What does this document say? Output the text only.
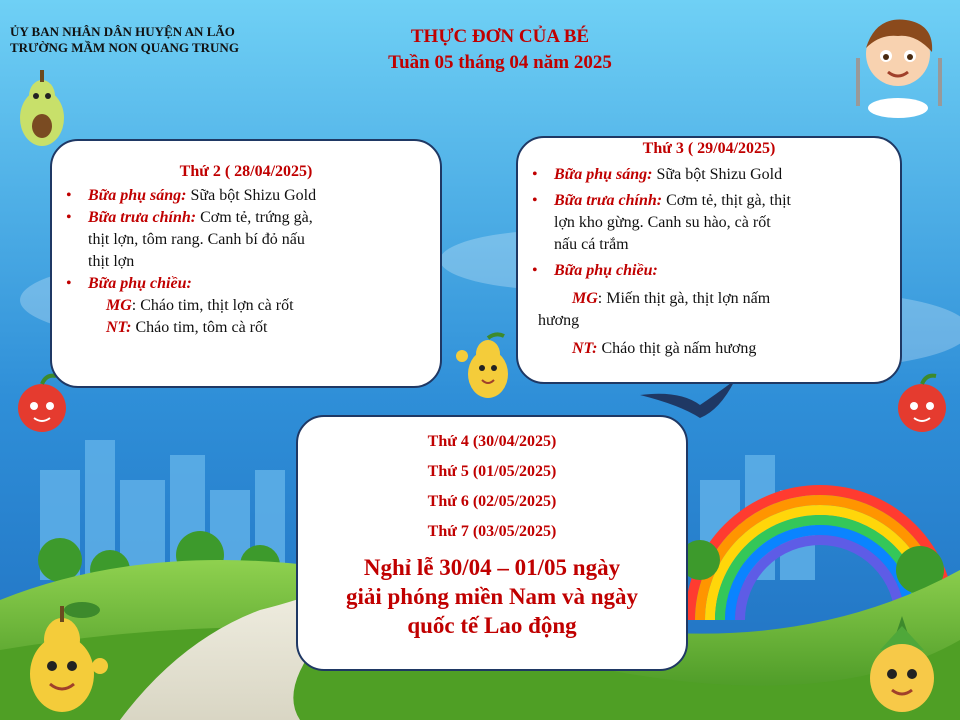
ỦY BAN NHÂN DÂN HUYỆN AN LÃO
TRƯỜNG MẦM NON QUANG TRUNG
THỰC ĐƠN CỦA BÉ
Tuần 05 tháng 04 năm 2025
Thứ 2 ( 28/04/2025)
• Bữa phụ sáng: Sữa bột Shizu Gold
• Bữa trưa chính: Cơm tẻ, trứng gà,
thịt lợn, tôm rang. Canh bí đỏ nấu
thịt lợn
• Bữa phụ chiều:
MG: Cháo tim, thịt lợn cà rốt
NT: Cháo tim, tôm cà rốt
Thứ 3 ( 29/04/2025)
• Bữa phụ sáng: Sữa bột Shizu Gold
• Bữa trưa chính: Cơm tẻ, thịt gà, thịt
lợn kho gừng. Canh su hào, cà rốt
nấu cá trắm
• Bữa phụ chiều:
MG: Miến thịt gà, thịt lợn nấm
hương
NT: Cháo thịt gà nấm hương
Thứ 4 (30/04/2025)
Thứ 5 (01/05/2025)
Thứ 6 (02/05/2025)
Thứ 7 (03/05/2025)
Nghỉ lễ 30/04 – 01/05 ngày
giải phóng miền Nam và ngày
quốc tế Lao động
